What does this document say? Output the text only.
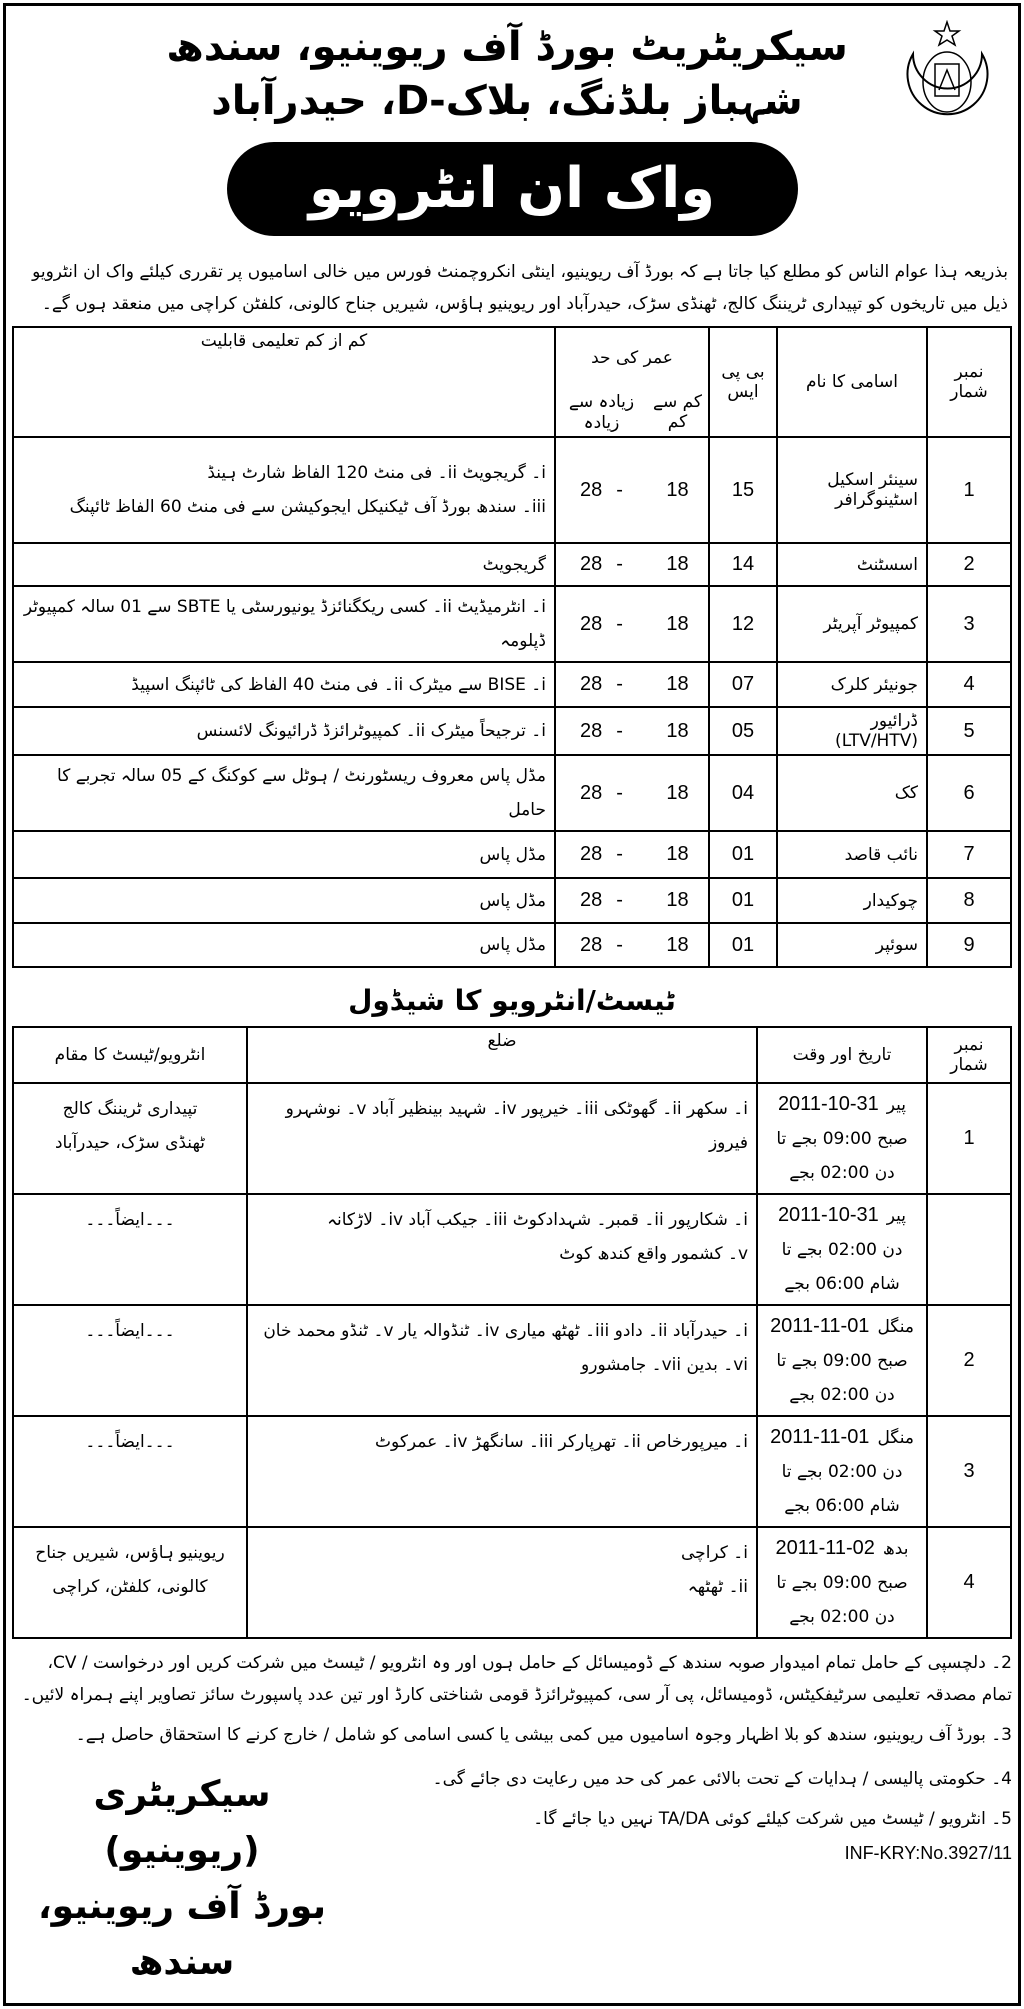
سیکریٹریٹ بورڈ آف ریوینیو، سندھ
شہباز بلڈنگ، بلاک-D، حیدرآباد
واک ان انٹرویو
بذریعہ ہذا عوام الناس کو مطلع کیا جاتا ہے کہ بورڈ آف ریوینیو، اینٹی انکروچمنٹ فورس میں خالی اسامیوں پر تقرری کیلئے واک ان انٹرویو ذیل میں تاریخوں کو تپیداری ٹریننگ کالج، ٹھنڈی سڑک، حیدرآباد اور ریوینیو ہاؤس، شیریں جناح کالونی، کلفٹن کراچی میں منعقد ہوں گے۔
نمبر شمار	اسامی کا نام	بی پی ایس	عمر کی حد		کم از کم تعلیمی قابلیت
			کم سے کم	زیادہ سے زیادہ	
1	سینئر اسکیل اسٹینوگرافر	15	18	-28	i۔ گریجویٹ ii۔ فی منٹ 120 الفاظ شارٹ ہینڈ
iii۔ سندھ بورڈ آف ٹیکنیکل ایجوکیشن سے فی منٹ 60 الفاظ ٹائپنگ

2	اسسٹنٹ	14	18	-28	گریجویٹ

3	کمپیوٹر آپریٹر	12	18	-28	i۔ انٹرمیڈیٹ ii۔ کسی ریکگنائزڈ یونیورسٹی یا SBTE سے 01 سالہ کمپیوٹر ڈپلومہ

4	جونیئر کلرک	07	18	-28	i۔ BISE سے میٹرک ii۔ فی منٹ 40 الفاظ کی ٹائپنگ اسپیڈ

5	ڈرائیور (LTV/HTV)	05	18	-28	i۔ ترجیحاً میٹرک ii۔ کمپیوٹرائزڈ ڈرائیونگ لائسنس

6	کک	04	18	-28	مڈل پاس معروف ریسٹورنٹ / ہوٹل سے کوکنگ کے 05 سالہ تجربے کا حامل

7	نائب قاصد	01	18	-28	مڈل پاس

8	چوکیدار	01	18	-28	مڈل پاس

9	سوئپر	01	18	-28	مڈل پاس
ٹیسٹ/انٹرویو کا شیڈول
نمبر شمار	تاریخ اور وقت	ضلع	انٹرویو/ٹیسٹ کا مقام
1	پیر31-10-2011
صبح 09:00 بجے تا دن 02:00 بجے	i۔ سکھر ii۔ گھوٹکی iii۔ خیرپور iv۔ شہید بینظیر آباد v۔ نوشہرو فیروز	تپیداری ٹریننگ کالج
ٹھنڈی سڑک، حیدرآباد

	پیر31-10-2011
دن 02:00 بجے تا شام 06:00 بجے	i۔ شکارپور ii۔ قمبر۔ شہدادکوٹ iii۔ جیکب آباد iv۔ لاڑکانہ
v۔ کشمور واقع کندھ کوٹ	۔۔۔ایضاً۔۔۔

2	منگل01-11-2011
صبح 09:00 بجے تا دن 02:00 بجے	i۔ حیدرآباد ii۔ دادو iii۔ ٹھٹھ میاری iv۔ ٹنڈوالہ یار v۔ ٹنڈو محمد خان
vi۔ بدین vii۔ جامشورو	۔۔۔ایضاً۔۔۔

3	منگل01-11-2011
دن 02:00 بجے تا شام 06:00 بجے	i۔ میرپورخاص ii۔ تھرپارکر iii۔ سانگھڑ iv۔ عمرکوٹ	۔۔۔ایضاً۔۔۔

4	بدھ02-11-2011
صبح 09:00 بجے تا دن 02:00 بجے	i۔ کراچی
ii۔ ٹھٹھہ	ریوینیو ہاؤس، شیریں جناح
کالونی، کلفٹن، کراچی
2۔ دلچسپی کے حامل تمام امیدوار صوبہ سندھ کے ڈومیسائل کے حامل ہوں اور وہ انٹرویو / ٹیسٹ میں شرکت کریں اور درخواست / CV، تمام مصدقہ تعلیمی سرٹیفکیٹس، ڈومیسائل، پی آر سی، کمپیوٹرائزڈ قومی شناختی کارڈ اور تین عدد پاسپورٹ سائز تصاویر اپنے ہمراہ لائیں۔
3۔ بورڈ آف ریوینیو، سندھ کو بلا اظہار وجوہ اسامیوں میں کمی بیشی یا کسی اسامی کو شامل / خارج کرنے کا استحقاق حاصل ہے۔
سیکریٹری (ریوینیو)
بورڈ آف ریوینیو، سندھ
4۔ حکومتی پالیسی / ہدایات کے تحت بالائی عمر کی حد میں رعایت دی جائے گی۔
5۔ انٹرویو / ٹیسٹ میں شرکت کیلئے کوئی TA/DA نہیں دیا جائے گا۔
INF-KRY:No.3927/11
